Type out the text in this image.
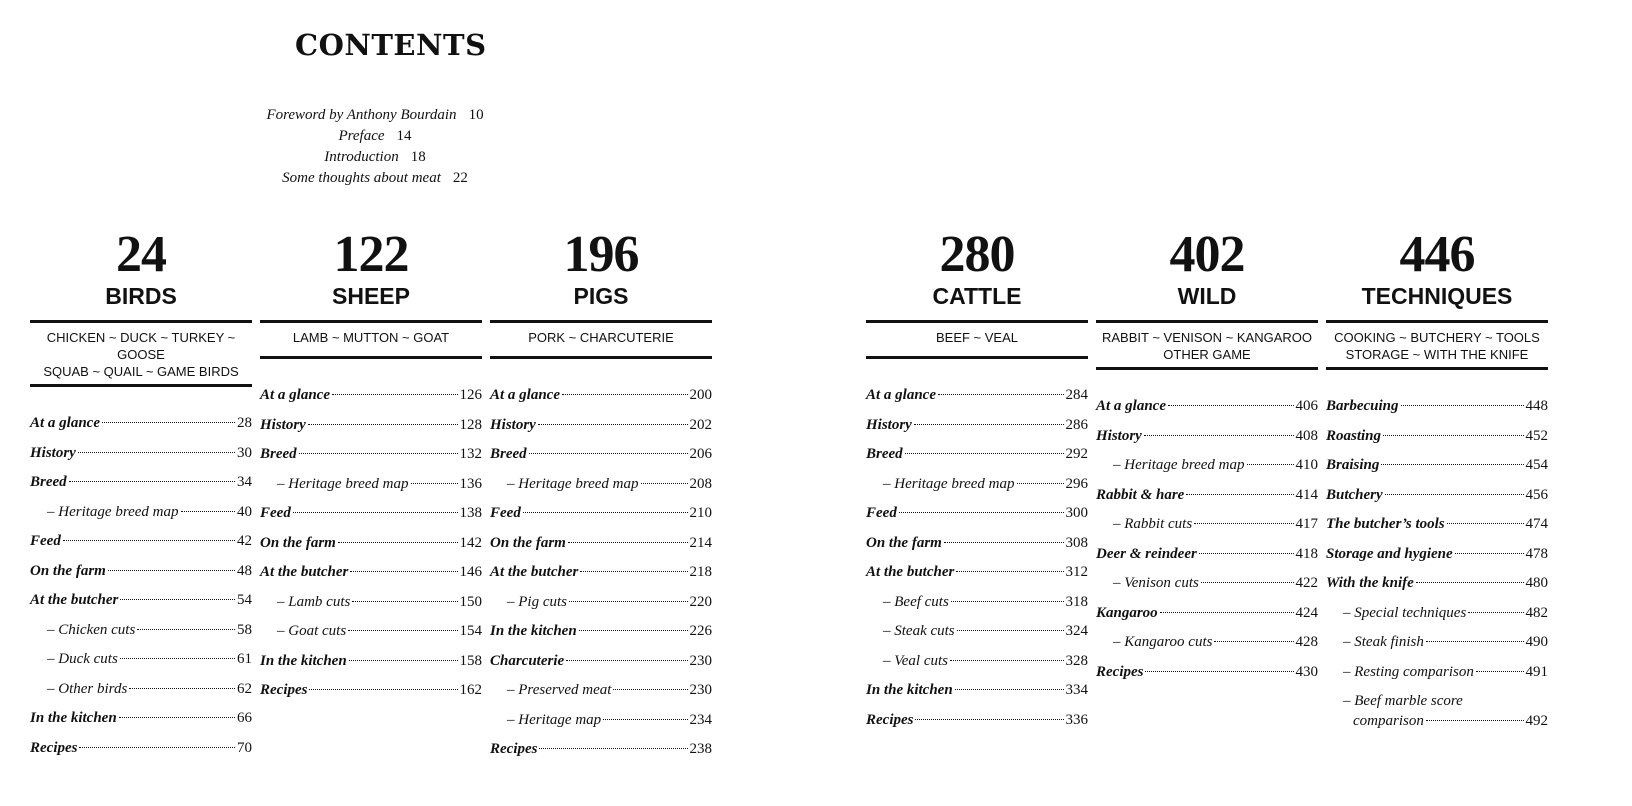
CONTENTS
Foreword by Anthony Bourdain 10
Preface 14
Introduction 18
Some thoughts about meat 22
24
BIRDS
CHICKEN ~ DUCK ~ TURKEY ~ GOOSE
SQUAB ~ QUAIL ~ GAME BIRDS
At a glance	28
History	30
Breed	34
– Heritage breed map	40
Feed	42
On the farm	48
At the butcher	54
– Chicken cuts	58
– Duck cuts	61
– Other birds	62
In the kitchen	66
Recipes	70
122
SHEEP
LAMB ~ MUTTON ~ GOAT
At a glance	126
History	128
Breed	132
– Heritage breed map	136
Feed	138
On the farm	142
At the butcher	146
– Lamb cuts	150
– Goat cuts	154
In the kitchen	158
Recipes	162
196
PIGS
PORK ~ CHARCUTERIE
At a glance	200
History	202
Breed	206
– Heritage breed map	208
Feed	210
On the farm	214
At the butcher	218
– Pig cuts	220
In the kitchen	226
Charcuterie	230
– Preserved meat	230
– Heritage map	234
Recipes	238
280
CATTLE
BEEF ~ VEAL
At a glance	284
History	286
Breed	292
– Heritage breed map	296
Feed	300
On the farm	308
At the butcher	312
– Beef cuts	318
– Steak cuts	324
– Veal cuts	328
In the kitchen	334
Recipes	336
402
WILD
RABBIT ~ VENISON ~ KANGAROO
OTHER GAME
At a glance	406
History	408
– Heritage breed map	410
Rabbit & hare	414
– Rabbit cuts	417
Deer & reindeer	418
– Venison cuts	422
Kangaroo	424
– Kangaroo cuts	428
Recipes	430
446
TECHNIQUES
COOKING ~ BUTCHERY ~ TOOLS
STORAGE ~ WITH THE KNIFE
Barbecuing	448
Roasting	452
Braising	454
Butchery	456
The butcher’s tools	474
Storage and hygiene	478
With the knife	480
– Special techniques	482
– Steak finish	490
– Resting comparison	491
– Beef marble score
comparison	492
